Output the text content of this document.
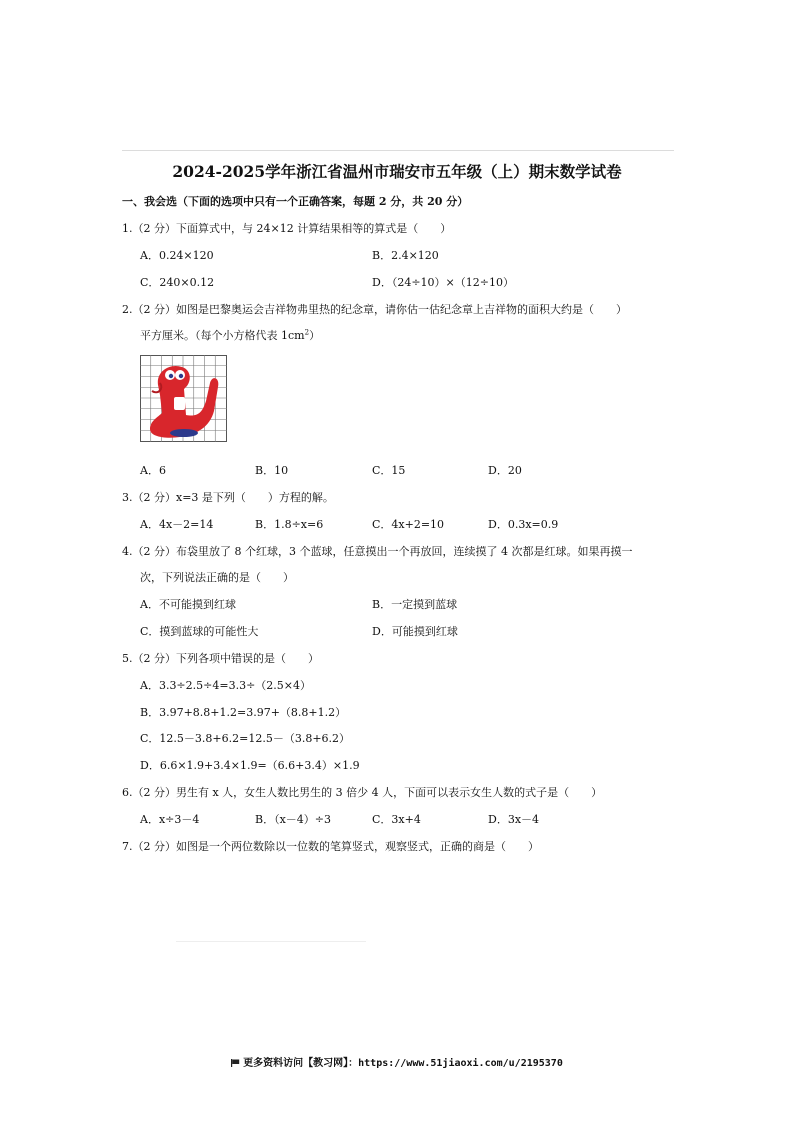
2024-2025学年浙江省温州市瑞安市五年级（上）期末数学试卷
一、我会选（下面的选项中只有一个正确答案，每题 2 分，共 20 分）
1.（2 分）下面算式中，与 24×12 计算结果相等的算式是（　　）
A．0.24×120	B．2.4×120
C．240×0.12	D．（24÷10）×（12÷10）
2.（2 分）如图是巴黎奥运会吉祥物弗里热的纪念章，请你估一估纪念章上吉祥物的面积大约是（　　）
平方厘米。（每个小方格代表 $1cm^2$）
A．6	B．10	C．15	D．20
3.（2 分）x=3 是下列（　　）方程的解。
A．4x－2=14	B．1.8÷x=6	C．4x+2=10	D．0.3x=0.9
4.（2 分）布袋里放了 8 个红球，3 个蓝球，任意摸出一个再放回，连续摸了 4 次都是红球。如果再摸一
次，下列说法正确的是（　　）
A．不可能摸到红球	B．一定摸到蓝球
C．摸到蓝球的可能性大	D．可能摸到红球
5.（2 分）下列各项中错误的是（　　）
A．3.3÷2.5÷4=3.3÷（2.5×4）
B．3.97+8.8+1.2=3.97+（8.8+1.2）
C．12.5－3.8+6.2=12.5－（3.8+6.2）
D．6.6×1.9+3.4×1.9=（6.6+3.4）×1.9
6.（2 分）男生有 x 人，女生人数比男生的 3 倍少 4 人，下面可以表示女生人数的式子是（　　）
A．x÷3－4	B．（x－4）÷3	C．3x+4	D．3x－4
7.（2 分）如图是一个两位数除以一位数的笔算竖式，观察竖式，正确的商是（　　）
更多资料访问【教习网】：https://www.51jiaoxi.com/u/2195370
